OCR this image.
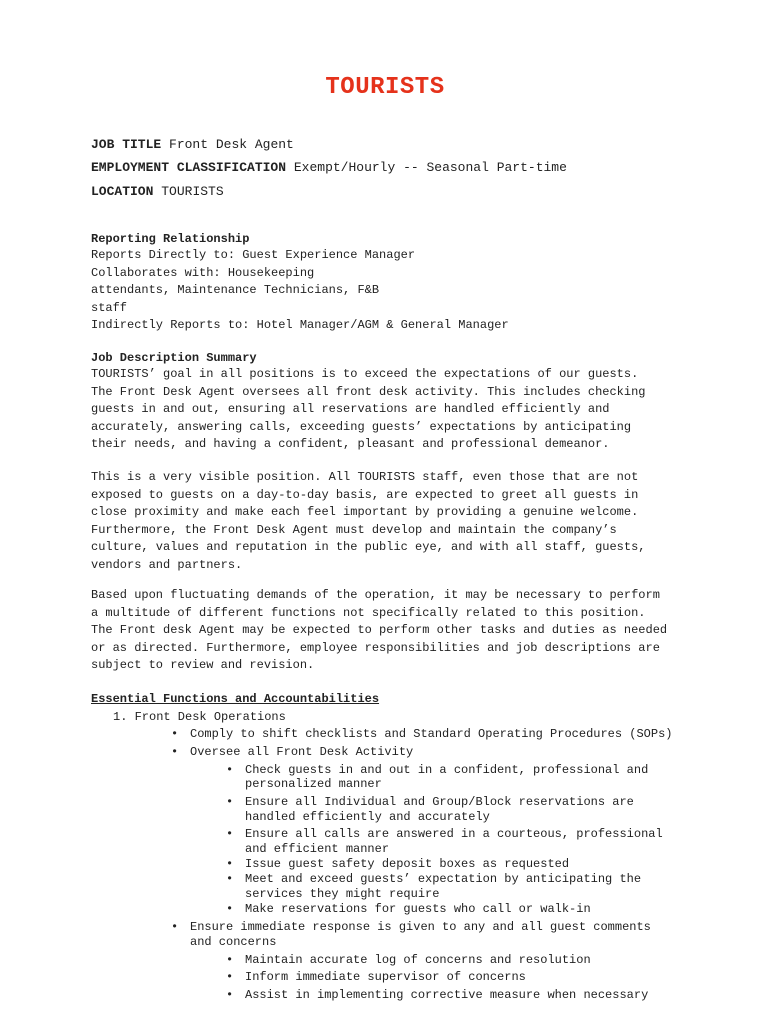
TOURISTS
JOB TITLE Front Desk Agent
EMPLOYMENT CLASSIFICATION Exempt/Hourly -- Seasonal Part-time
LOCATION TOURISTS
Reporting Relationship
Reports Directly to: Guest Experience Manager
Collaborates with: Housekeeping
attendants, Maintenance Technicians, F&B
staff
Indirectly Reports to: Hotel Manager/AGM & General Manager
Job Description Summary
TOURISTS’ goal in all positions is to exceed the expectations of our guests.
The Front Desk Agent oversees all front desk activity. This includes checking
guests in and out, ensuring all reservations are handled efficiently and
accurately, answering calls, exceeding guests’ expectations by anticipating
their needs, and having a confident, pleasant and professional demeanor.
This is a very visible position. All TOURISTS staff, even those that are not
exposed to guests on a day-to-day basis, are expected to greet all guests in
close proximity and make each feel important by providing a genuine welcome.
Furthermore, the Front Desk Agent must develop and maintain the company’s
culture, values and reputation in the public eye, and with all staff, guests,
vendors and partners.
Based upon fluctuating demands of the operation, it may be necessary to perform
a multitude of different functions not specifically related to this position.
The Front desk Agent may be expected to perform other tasks and duties as needed
or as directed. Furthermore, employee responsibilities and job descriptions are
subject to review and revision.
Essential Functions and Accountabilities
1. Front Desk Operations
• Comply to shift checklists and Standard Operating Procedures (SOPs)
• Oversee all Front Desk Activity
• Check guests in and out in a confident, professional and
personalized manner
• Ensure all Individual and Group/Block reservations are
handled efficiently and accurately
• Ensure all calls are answered in a courteous, professional
and efficient manner
• Issue guest safety deposit boxes as requested
• Meet and exceed guests’ expectation by anticipating the
services they might require
• Make reservations for guests who call or walk-in
• Ensure immediate response is given to any and all guest comments
and concerns
• Maintain accurate log of concerns and resolution
• Inform immediate supervisor of concerns
• Assist in implementing corrective measure when necessary
